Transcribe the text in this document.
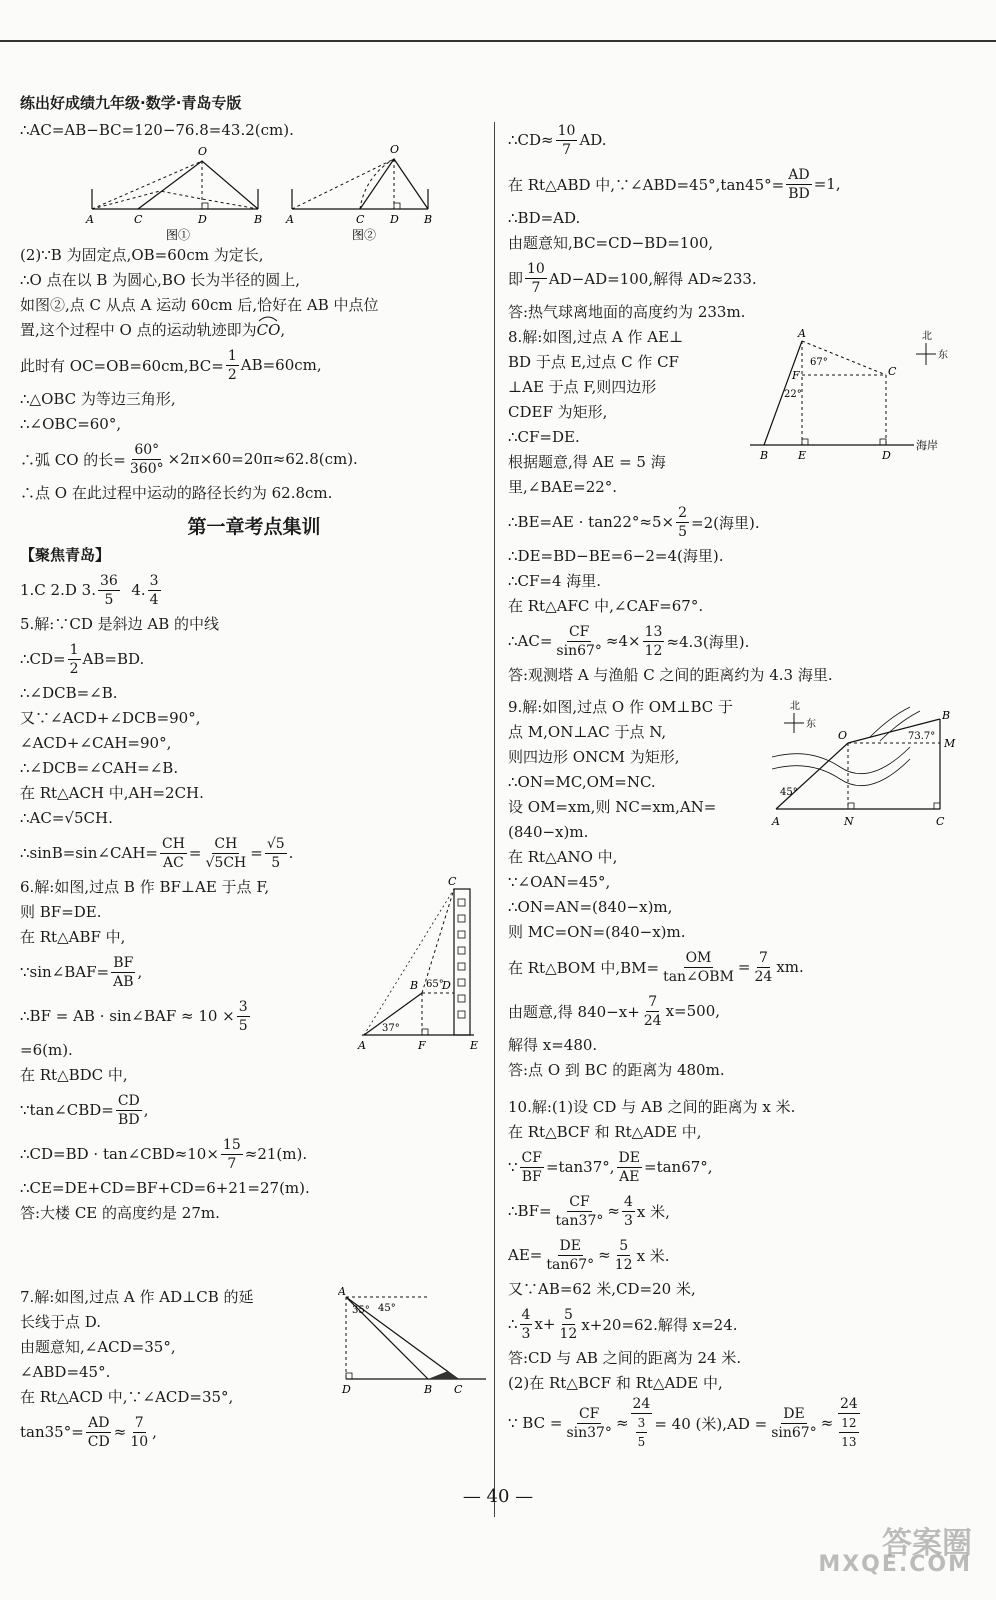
练出好成绩九年级·数学·青岛专版
∴AC=AB−BC=120−76.8=43.2(cm).
A	C	D	B
O
图①
A	C D B
O
图②
(2)∵B 为固定点,OB=60cm 为定长,
∴O 点在以 B 为圆心,BO 长为半径的圆上,
如图②,点 C 从点 A 运动 60cm 后,恰好在 AB 中点位
置,这个过程中 O 点的运动轨迹即为CO
,
此时有 $OC=OB=60cm,BC= \frac{1}{2} AB=60cm$,
∴△OBC 为等边三角形,
∴∠OBC=60°,
∴弧 CO 的长= $\frac{60^\circ}{360^\circ} \times 2\pi\times 60=20\pi\approx 62.8(cm)$.
∴点 O 在此过程中运动的路径长约为 62.8cm.
第一章考点集训
【聚焦青岛】
1.C 2.D 3. $\frac{36}{5}$
4. $\frac{3}{4}$
5.解:∵CD 是斜边 AB 的中线
∴CD= $\frac{1}{2} AB=BD$.
∴∠DCB=∠B.
又∵∠ACD+∠DCB=90°,
∠ACD+∠CAH=90°,
∴∠DCB=∠CAH=∠B.
在 Rt△ACH 中,AH=2CH.
∴AC=√5CH.
∴sinB=sin∠CAH= $\frac{CH}{AC} = \frac{CH}{√5CH} = \frac{√5}{5}$ .
C
B D
65°
37°
A	F	E
6.解:如图,过点 B 作 BF⊥AE 于点 F,
则 BF=DE.
在 Rt△ABF 中,
∵sin∠BAF= $\frac{BF}{AB}$ ,
∴BF = AB · sin∠BAF ≈ $10 \times \frac{3}{5}$
=6(m).
在 Rt△BDC 中,
∵tan∠CBD= $\frac{CD}{BD}$ ,
∴CD=BD · tan∠CBD≈10× $\frac{15}{7} \approx 21(m)$.
∴CE=DE+CD=BF+CD=6+21=27(m).
答:大楼 CE 的高度约是 27m.
A
35° 45°
D	B C
7.解:如图,过点 A 作 AD⊥CB 的延
长线于点 D.
由题意知,∠ACD=35°,
∠ABD=45°.
在 Rt△ACD 中,∵∠ACD=35°,
$\tan 35^\circ= \frac{AD}{CD} \approx \frac{7}{10}$ ,
∴CD≈ $\frac{10}{7}$ AD.
在 Rt△ABD 中,∵∠ABD=45°,tan45°= $\frac{AD}{BD} =1$,
∴BD=AD.
由题意知,BC=CD−BD=100,
即 $\frac{10}{7} AD-AD=100$,解得 AD≈233.
答:热气球离地面的高度约为 233m.
北
东
A
67°
F
22°
C
B	E	D
海岸
8.解:如图,过点 A 作 AE⊥
BD 于点 E,过点 C 作 CF
⊥AE 于点 F,则四边形
CDEF 为矩形,
∴CF=DE.
根据题意,得 AE = 5 海
里,∠BAE=22°.
∴BE=AE · $\tan 22^\circ\approx 5\times \frac{2}{5} =2$(海里).
∴DE=BD−BE=6−2=4(海里).
∴CF=4 海里.
在 Rt△AFC 中,∠CAF=67°.
∴AC= $\frac{CF}{\sin 67^\circ} \approx 4\times \frac{13}{12} \approx 4.3$(海里).
答:观测塔 A 与渔船 C 之间的距离约为 4.3 海里.
北
东
O
B
73.7°
M
45°
A	N	C
9.解:如图,过点 O 作 OM⊥BC 于
点 M,ON⊥AC 于点 N,
则四边形 ONCM 为矩形,
∴ON=MC,OM=NC.
设 OM=xm,则 NC=xm,AN=
(840−x)m.
在 Rt△ANO 中,
∵∠OAN=45°,
∴ON=AN=(840−x)m,
则 MC=ON=(840−x)m.
在 Rt△BOM 中$,BM= \frac{OM}{\text{tan∠OBM}} = \frac{7}{24}$ xm.
由题意,得 $840-x+ \frac{7}{24} x=500$,
解得 x=480.
答:点 O 到 BC 的距离为 480m.
10.解:(1)设 CD 与 AB 之间的距离为 x 米.
在 Rt△BCF 和 Rt△ADE 中,
∵ $\frac{CF}{BF} =\tan 37^\circ$, $\frac{DE}{AE} =\tan 67^\circ$,
∴BF= $\frac{CF}{\tan 37^\circ} \approx \frac{4}{3}$ x 米,
$AE= \frac{DE}{\tan 67^\circ} \approx \frac{5}{12}$ x 米.
又∵AB=62 米,CD=20 米,
∴ $\frac{4}{3} x+ \frac{5}{12} x+20=62$.解得 x=24.
答:CD 与 AB 之间的距离为 24 米.
(2)在 Rt△BCF 和 Rt△ADE 中,
∵ BC = $\frac{CF}{\sin 37^\circ} \approx \frac{24}{\frac{3}{5}} = 40$ (米)$,AD = \frac{DE}{\sin 67^\circ} \approx \frac{24}{\frac{12}{13}}$
— 40 —
答案圈
MXQE.COM
